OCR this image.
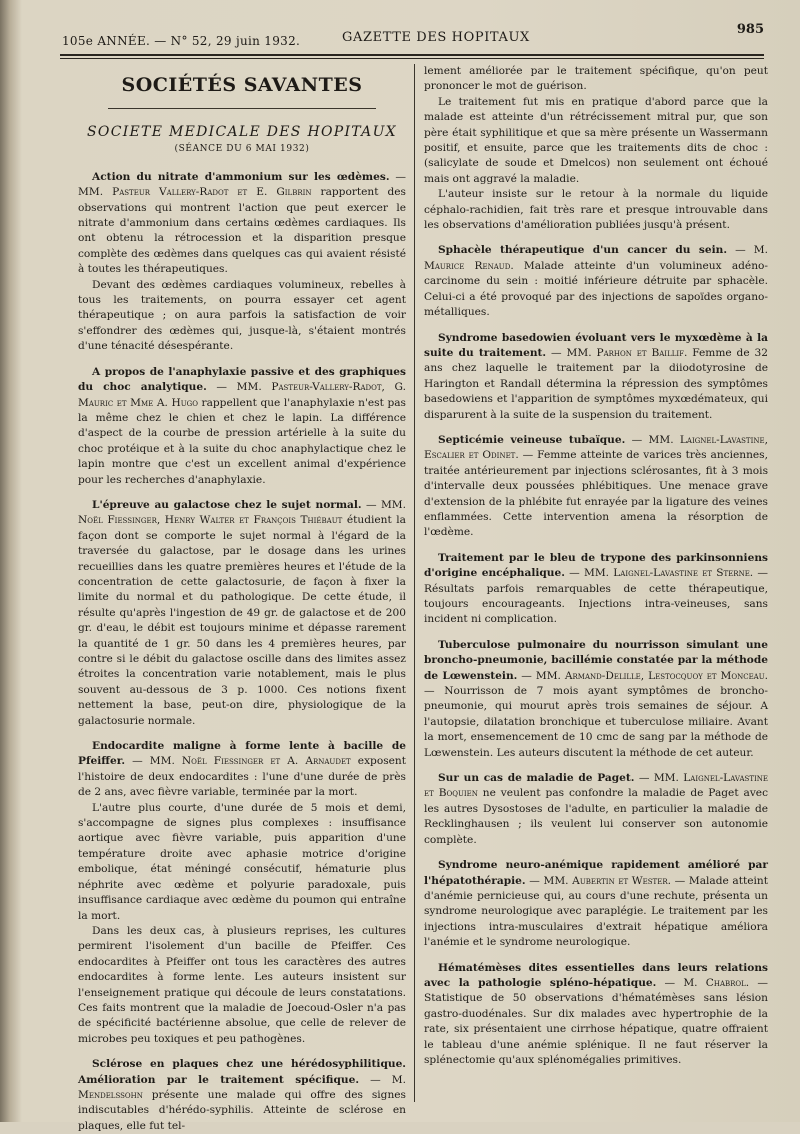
105e ANNÉE. — N° 52, 29 juin 1932.	GAZETTE DES HOPITAUX
985
SOCIÉTÉS SAVANTES
SOCIETE MEDICALE DES HOPITAUX
(SÉANCE DU 6 MAI 1932)

Action du nitrate d'ammonium sur les œdèmes. — MM. Pasteur Vallery-Radot et E. Gilbrin rapportent des observations qui montrent l'action que peut exercer le nitrate d'ammonium dans certains œdèmes cardiaques. Ils ont obtenu la rétrocession et la disparition presque complète des œdèmes dans quelques cas qui avaient résisté à toutes les thérapeutiques.

Devant des œdèmes cardiaques volumineux, rebelles à tous les traitements, on pourra essayer cet agent thérapeutique ; on aura parfois la satisfaction de voir s'effondrer des œdèmes qui, jusque-là, s'étaient montrés d'une ténacité désespérante.

A propos de l'anaphylaxie passive et des graphiques du choc analytique. — MM. Pasteur-Vallery-Radot, G. Mauric et Mme A. Hugo rappellent que l'anaphylaxie n'est pas la même chez le chien et chez le lapin. La différence d'aspect de la courbe de pression artérielle à la suite du choc protéique et à la suite du choc anaphylactique chez le lapin montre que c'est un excellent animal d'expérience pour les recherches d'anaphylaxie.

L'épreuve au galactose chez le sujet normal. — MM. Noël Fiessinger, Henry Walter et François Thiébaut étudient la façon dont se comporte le sujet normal à l'égard de la traversée du galactose, par le dosage dans les urines recueillies dans les quatre premières heures et l'étude de la concentration de cette galactosurie, de façon à fixer la limite du normal et du pathologique. De cette étude, il résulte qu'après l'ingestion de 49 gr. de galactose et de 200 gr. d'eau, le débit est toujours minime et dépasse rarement la quantité de 1 gr. 50 dans les 4 premières heures, par contre si le débit du galactose oscille dans des limites assez étroites la concentration varie notablement, mais le plus souvent au-dessous de 3 p. 1000. Ces notions fixent nettement la base, peut-on dire, physiologique de la galactosurie normale.

Endocardite maligne à forme lente à bacille de Pfeiffer. — MM. Noël Fiessinger et A. Arnaudet exposent l'histoire de deux endocardites : l'une d'une durée de près de 2 ans, avec fièvre variable, terminée par la mort.

L'autre plus courte, d'une durée de 5 mois et demi, s'accompagne de signes plus complexes : insuffisance aortique avec fièvre variable, puis apparition d'une température droite avec aphasie motrice d'origine embolique, état méningé consécutif, hématurie plus néphrite avec œdème et polyurie paradoxale, puis insuffisance cardiaque avec œdème du poumon qui entraîne la mort.

Dans les deux cas, à plusieurs reprises, les cultures permirent l'isolement d'un bacille de Pfeiffer. Ces endocardites à Pfeiffer ont tous les caractères des autres endocardites à forme lente. Les auteurs insistent sur l'enseignement pratique qui découle de leurs constatations. Ces faits montrent que la maladie de Joecoud-Osler n'a pas de spécificité bactérienne absolue, que celle de relever de microbes peu toxiques et peu pathogènes.

Sclérose en plaques chez une hérédosyphilitique. Amélioration par le traitement spécifique. — M. Mendelssohn présente une malade qui offre des signes indiscutables d'hérédo-syphilis. Atteinte de sclérose en plaques, elle fut tel-

lement améliorée par le traitement spécifique, qu'on peut prononcer le mot de guérison.

Le traitement fut mis en pratique d'abord parce que la malade est atteinte d'un rétrécissement mitral pur, que son père était syphilitique et que sa mère présente un Wassermann positif, et ensuite, parce que les traitements dits de choc : (salicylate de soude et Dmelcos) non seulement ont échoué mais ont aggravé la maladie.

L'auteur insiste sur le retour à la normale du liquide céphalo-rachidien, fait très rare et presque introuvable dans les observations d'amélioration publiées jusqu'à présent.

Sphacèle thérapeutique d'un cancer du sein. — M. Maurice Renaud. Malade atteinte d'un volumineux adéno-carcinome du sein : moitié inférieure détruite par sphacèle. Celui-ci a été provoqué par des injections de sapoïdes organo-métalliques.

Syndrome basedowien évoluant vers le myxœdème à la suite du traitement. — MM. Parhon et Baillif. Femme de 32 ans chez laquelle le traitement par la diiodotyrosine de Harington et Randall détermina la répression des symptômes basedowiens et l'apparition de symptômes myxœdémateux, qui disparurent à la suite de la suspension du traitement.

Septicémie veineuse tubaïque. — MM. Laignel-Lavastine, Escalier et Odinet. — Femme atteinte de varices très anciennes, traitée antérieurement par injections sclérosantes, fit à 3 mois d'intervalle deux poussées phlébitiques. Une menace grave d'extension de la phlébite fut enrayée par la ligature des veines enflammées. Cette intervention amena la résorption de l'œdème.

Traitement par le bleu de trypone des parkinsonniens d'origine encéphalique. — MM. Laignel-Lavastine et Sterne. — Résultats parfois remarquables de cette thérapeutique, toujours encourageants. Injections intra-veineuses, sans incident ni complication.

Tuberculose pulmonaire du nourrisson simulant une broncho-pneumonie, bacillémie constatée par la méthode de Lœwenstein. — MM. Armand-Delille, Lestocquoy et Monceau. — Nourrisson de 7 mois ayant symptômes de broncho-pneumonie, qui mourut après trois semaines de séjour. A l'autopsie, dilatation bronchique et tuberculose miliaire. Avant la mort, ensemencement de 10 cmc de sang par la méthode de Lœwenstein. Les auteurs discutent la méthode de cet auteur.

Sur un cas de maladie de Paget. — MM. Laignel-Lavastine et Boquien ne veulent pas confondre la maladie de Paget avec les autres Dysostoses de l'adulte, en particulier la maladie de Recklinghausen ; ils veulent lui conserver son autonomie complète.

Syndrome neuro-anémique rapidement amélioré par l'hépatothérapie. — MM. Aubertin et Wester. — Malade atteint d'anémie pernicieuse qui, au cours d'une rechute, présenta un syndrome neurologique avec paraplégie. Le traitement par les injections intra-musculaires d'extrait hépatique améliora l'anémie et le syndrome neurologique.

Hématémèses dites essentielles dans leurs relations avec la pathologie spléno-hépatique. — M. Chabrol. — Statistique de 50 observations d'hématémèses sans lésion gastro-duodénales. Sur dix malades avec hypertrophie de la rate, six présentaient une cirrhose hépatique, quatre offraient le tableau d'une anémie splénique. Il ne faut réserver la splénectomie qu'aux splénomégalies primitives.
